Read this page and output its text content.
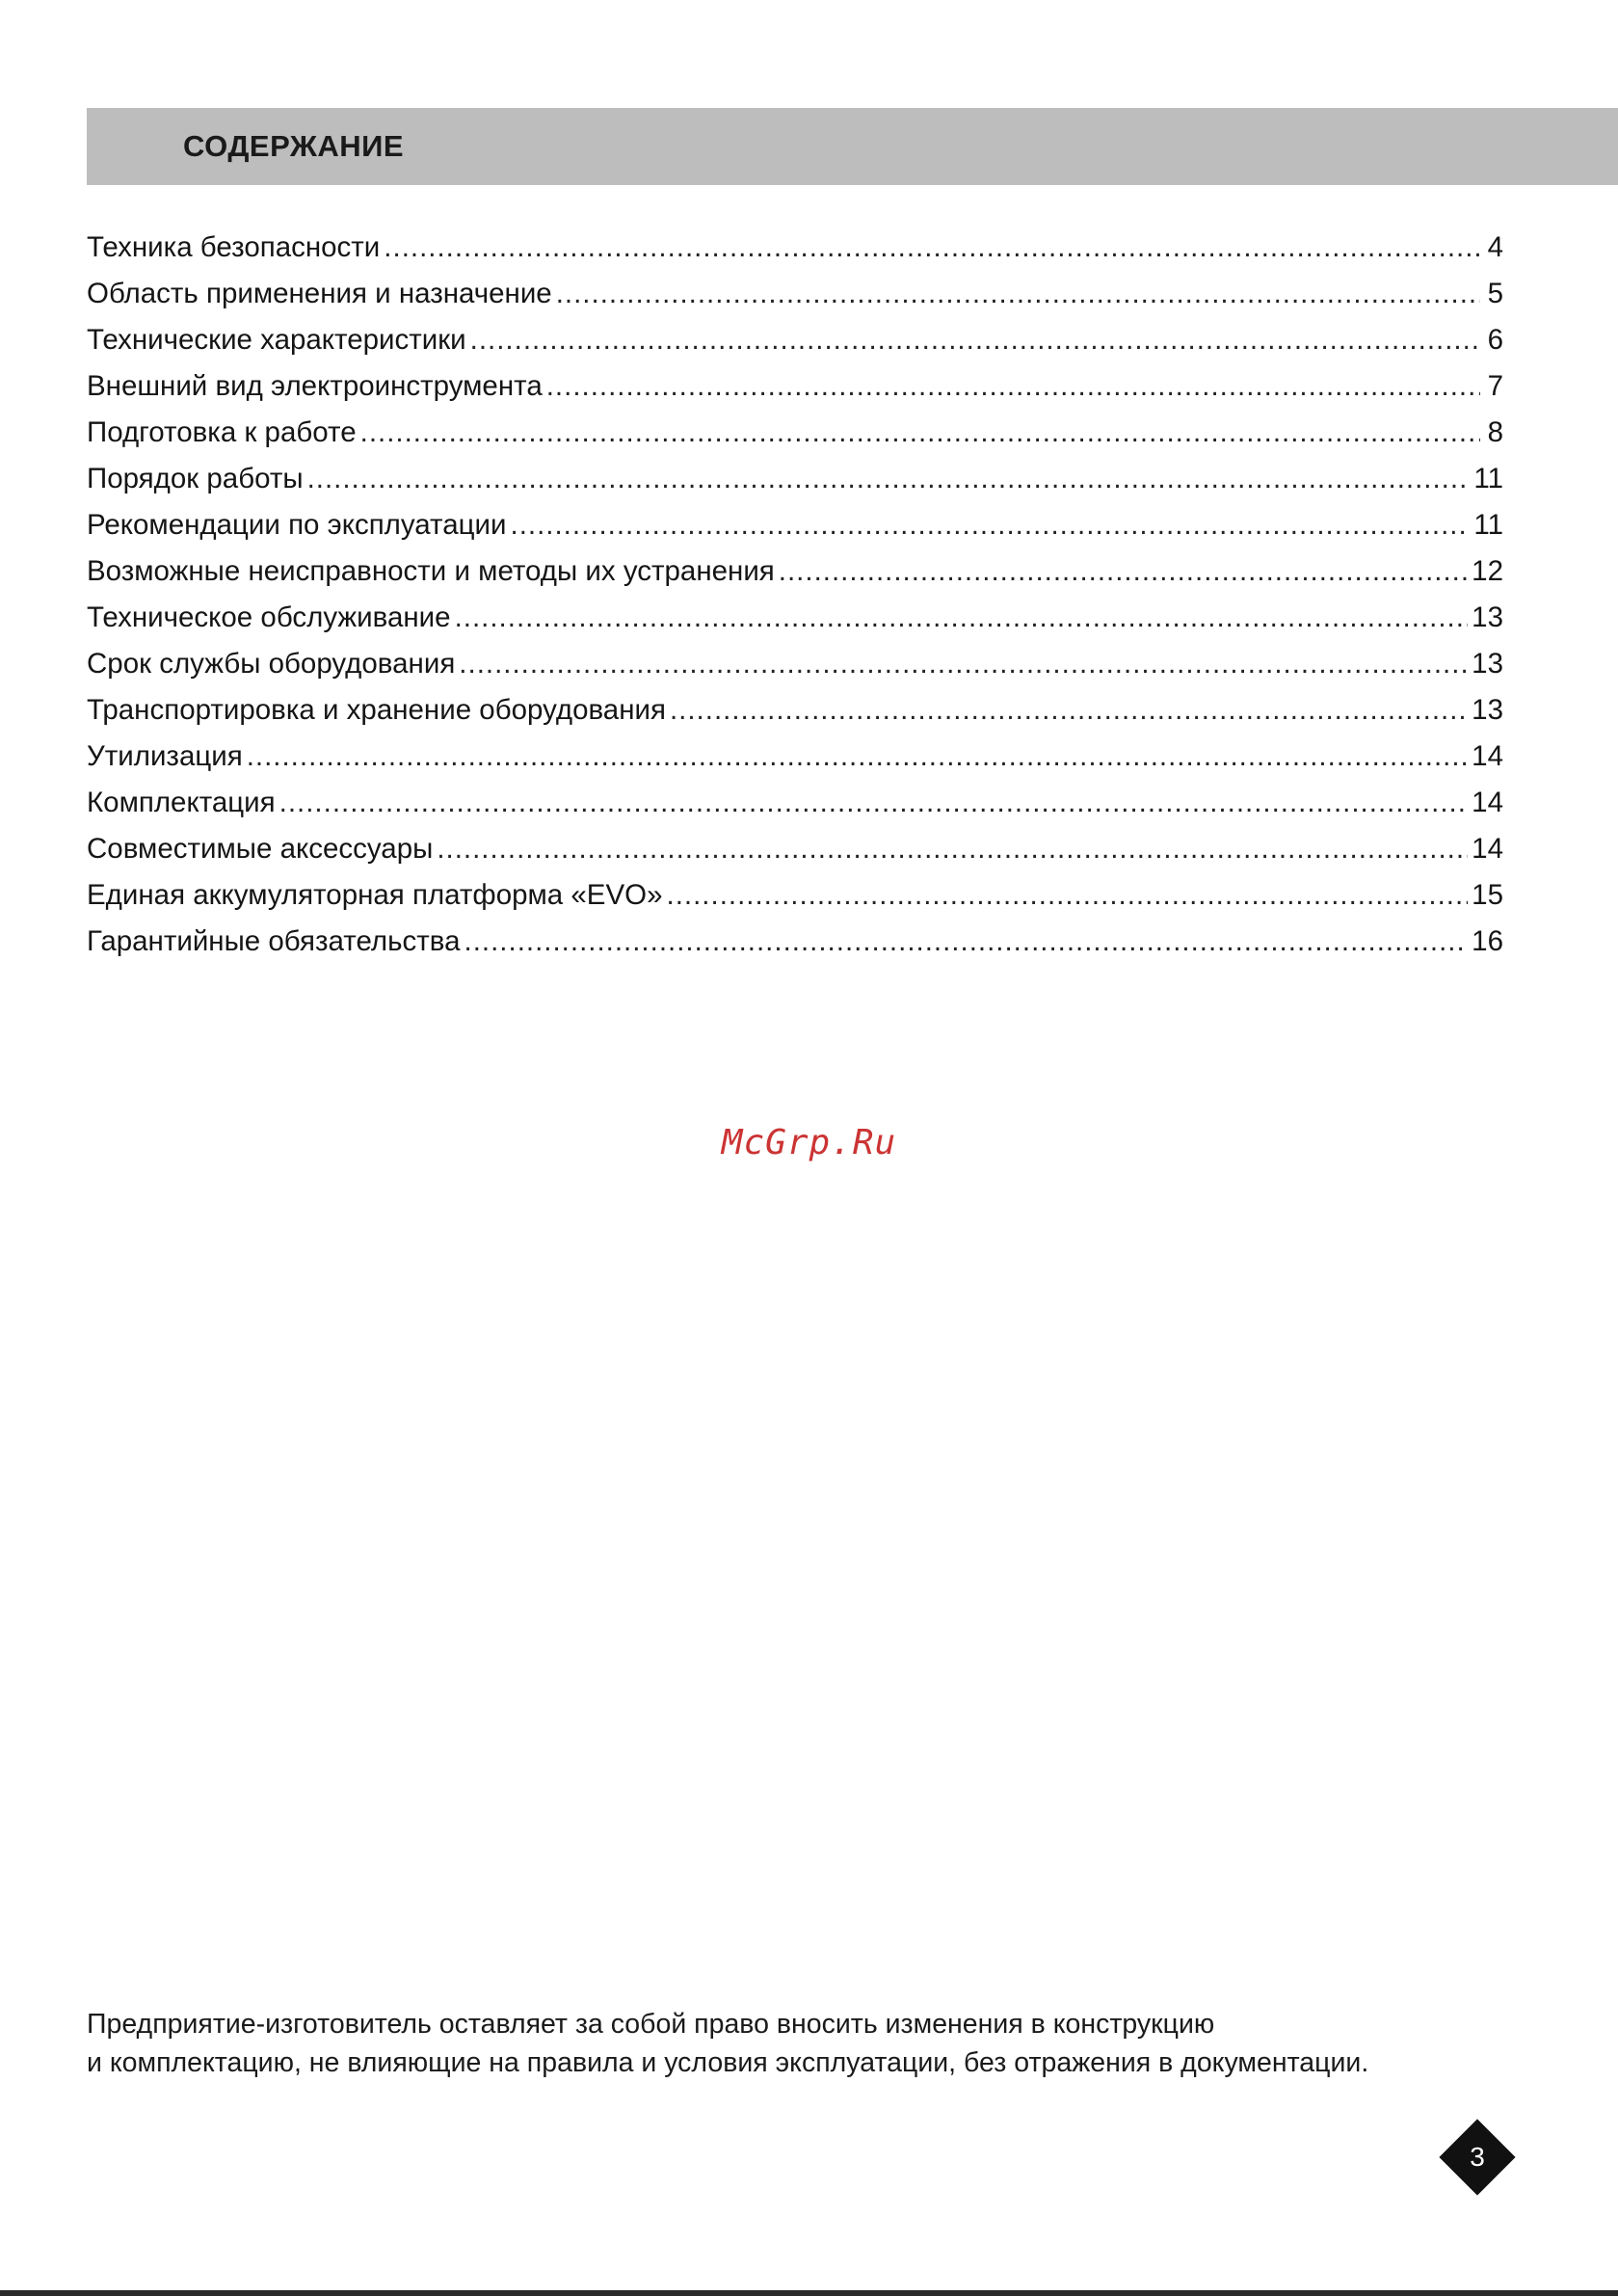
СОДЕРЖАНИЕ
Техника безопасности .....	4
Область применения и назначение .....	5
Технические характеристики .....	6
Внешний вид электроинструмента .....	7
Подготовка к работе .....	8
Порядок работы .....	11
Рекомендации по эксплуатации .....	11
Возможные неисправности и методы их устранения .....	12
Техническое обслуживание .....	13
Срок службы оборудования .....	13
Транспортировка и хранение оборудования .....	13
Утилизация .....	14
Комплектация .....	14
Совместимые аксессуары .....	14
Единая аккумуляторная платформа «EVO» .....	15
Гарантийные обязательства .....	16
McGrp.Ru

Предприятие-изготовитель оставляет за собой право вносить изменения в конструкцию

и комплектацию, не влияющие на правила и условия эксплуатации, без отражения в документации.

3
